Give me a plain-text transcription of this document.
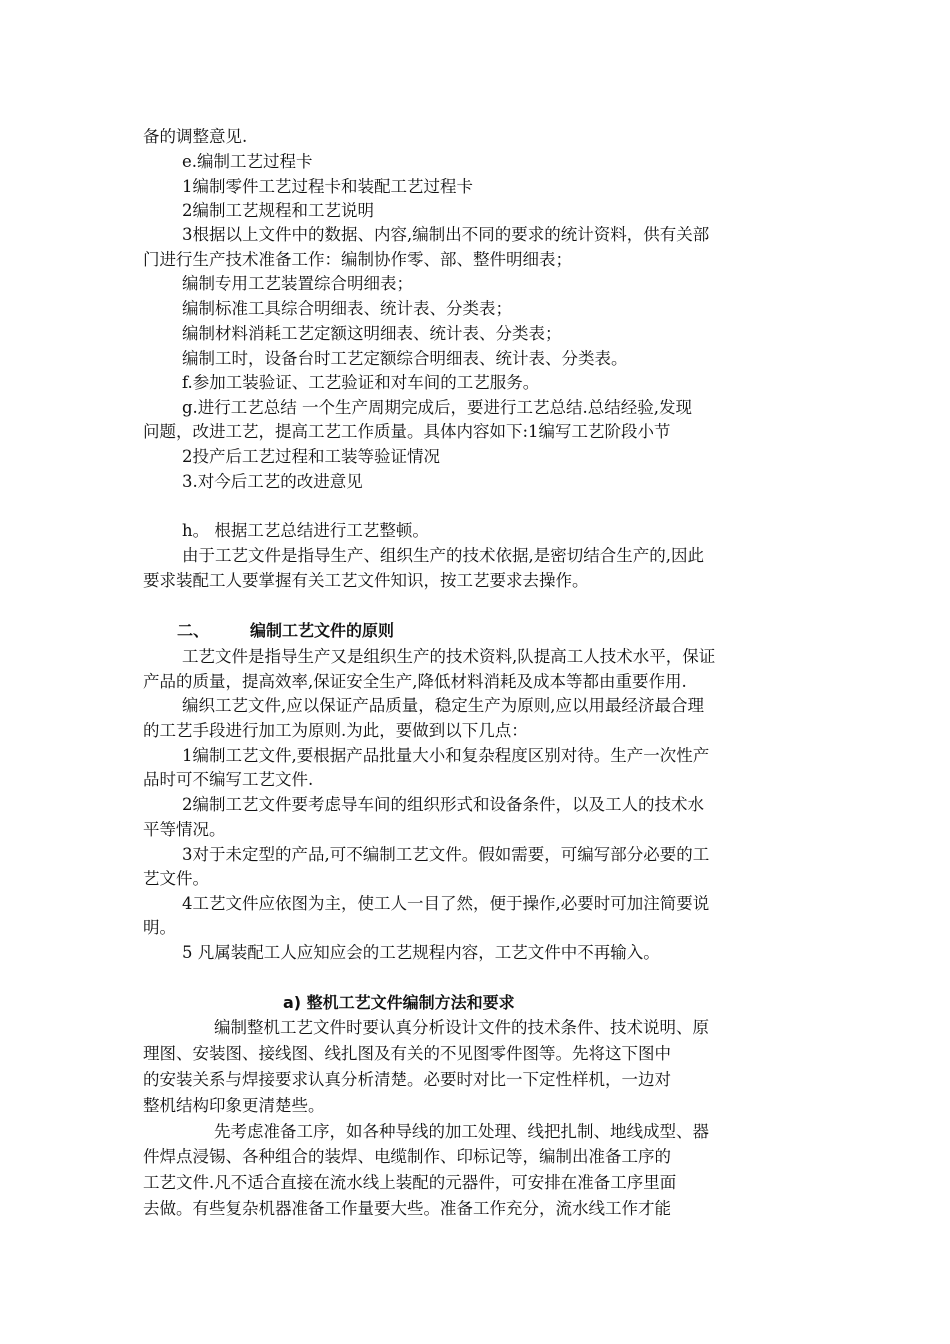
备的调整意见.
e.编制工艺过程卡
1编制零件工艺过程卡和装配工艺过程卡
2编制工艺规程和工艺说明
3根据以上文件中的数据、内容,编制出不同的要求的统计资料，供有关部
门进行生产技术准备工作：编制协作零、部、整件明细表；
编制专用工艺装置综合明细表；
编制标准工具综合明细表、统计表、分类表；
编制材料消耗工艺定额这明细表、统计表、分类表；
编制工时，设备台时工艺定额综合明细表、统计表、分类表。
f.参加工装验证、工艺验证和对车间的工艺服务。
g.进行工艺总结 一个生产周期完成后，要进行工艺总结.总结经验,发现
问题，改进工艺，提高工艺工作质量。具体内容如下:1编写工艺阶段小节
2投产后工艺过程和工装等验证情况
3.对今后工艺的改进意见
h。 根据工艺总结进行工艺整顿。
由于工艺文件是指导生产、组织生产的技术依据,是密切结合生产的,因此
要求装配工人要掌握有关工艺文件知识，按工艺要求去操作。
二、	编制工艺文件的原则
工艺文件是指导生产又是组织生产的技术资料,队提高工人技术水平，保证
产品的质量，提高效率,保证安全生产,降低材料消耗及成本等都由重要作用.
编织工艺文件,应以保证产品质量，稳定生产为原则,应以用最经济最合理
的工艺手段进行加工为原则.为此，要做到以下几点：
1编制工艺文件,要根据产品批量大小和复杂程度区别对待。生产一次性产
品时可不编写工艺文件.
2编制工艺文件要考虑导车间的组织形式和设备条件，以及工人的技术水
平等情况。
3对于未定型的产品,可不编制工艺文件。假如需要，可编写部分必要的工
艺文件。
4工艺文件应依图为主，使工人一目了然，便于操作,必要时可加注简要说
明。
5 凡属装配工人应知应会的工艺规程内容，工艺文件中不再输入。
a) 整机工艺文件编制方法和要求
编制整机工艺文件时要认真分析设计文件的技术条件、技术说明、原
理图、安装图、接线图、线扎图及有关的不见图零件图等。先将这下图中
的安装关系与焊接要求认真分析清楚。必要时对比一下定性样机，一边对
整机结构印象更清楚些。
先考虑准备工序，如各种导线的加工处理、线把扎制、地线成型、器
件焊点浸锡、各种组合的装焊、电缆制作、印标记等，编制出准备工序的
工艺文件.凡不适合直接在流水线上装配的元器件，可安排在准备工序里面
去做。有些复杂机器准备工作量要大些。准备工作充分，流水线工作才能
